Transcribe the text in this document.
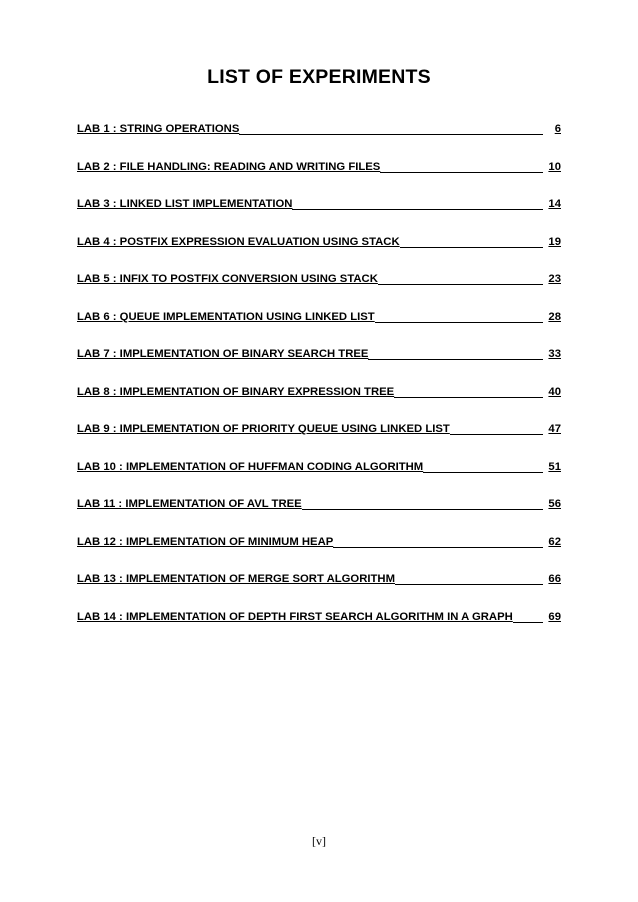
LIST OF EXPERIMENTS
LAB 1 : STRING OPERATIONS	6
LAB 2 : FILE HANDLING: READING AND WRITING FILES	10
LAB 3 : LINKED LIST IMPLEMENTATION	14
LAB 4 : POSTFIX EXPRESSION EVALUATION USING STACK	19
LAB 5 : INFIX TO POSTFIX CONVERSION USING STACK	23
LAB 6 : QUEUE IMPLEMENTATION USING LINKED LIST	28
LAB 7 : IMPLEMENTATION OF BINARY SEARCH TREE	33
LAB 8 : IMPLEMENTATION OF BINARY EXPRESSION TREE	40
LAB 9 : IMPLEMENTATION OF PRIORITY QUEUE USING LINKED LIST	47
LAB 10 : IMPLEMENTATION OF HUFFMAN CODING ALGORITHM	51
LAB 11 : IMPLEMENTATION OF AVL TREE	56
LAB 12 : IMPLEMENTATION OF MINIMUM HEAP	62
LAB 13 : IMPLEMENTATION OF MERGE SORT ALGORITHM	66
LAB 14 : IMPLEMENTATION OF DEPTH FIRST SEARCH ALGORITHM IN A GRAPH	69
[v]
